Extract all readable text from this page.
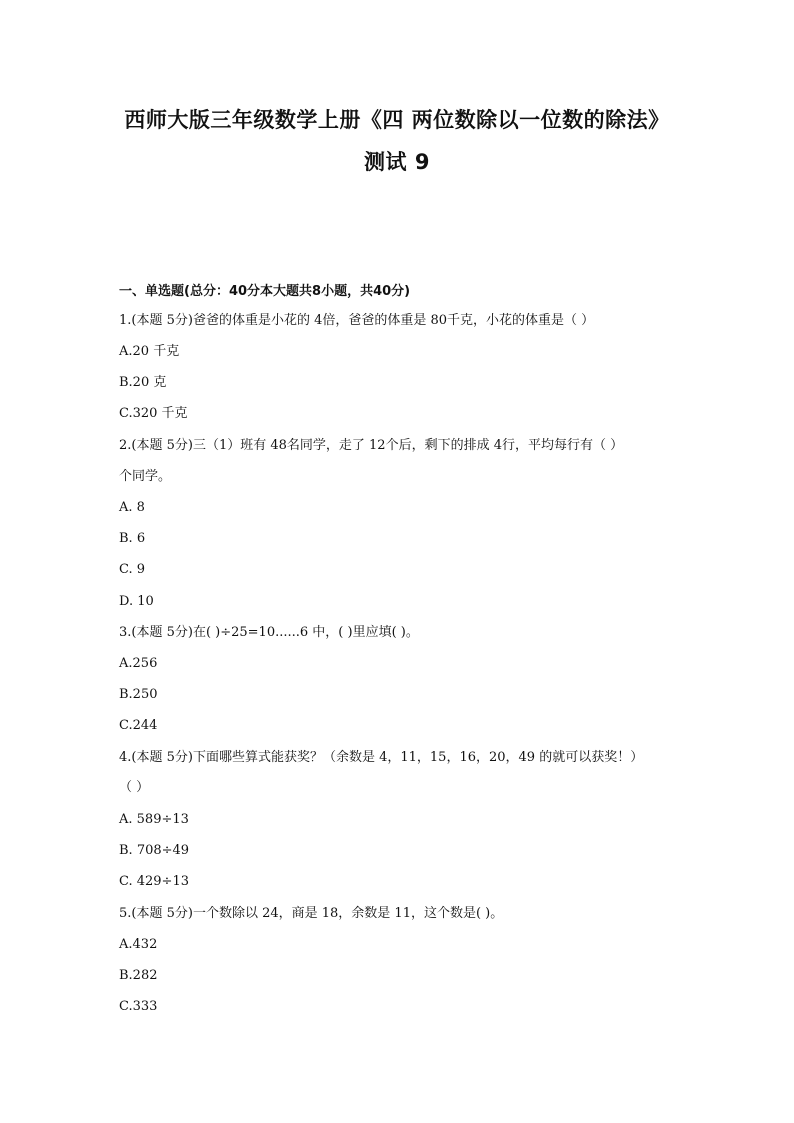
西师大版三年级数学上册《四 两位数除以一位数的除法》
测试 9
一、单选题(总分：40分本大题共8小题，共40分)
1.(本题 5分)爸爸的体重是小花的 4倍，爸爸的体重是 80千克，小花的体重是（ ）
A.20 千克
B.20 克
C.320 千克
2.(本题 5分)三（1）班有 48名同学，走了 12个后，剩下的排成 4行，平均每行有（ ）
个同学。
A. 8
B. 6
C. 9
D. 10
3.(本题 5分)在( )÷25=10......6 中，( )里应填( )。
A.256
B.250
C.244
4.(本题 5分)下面哪些算式能获奖？（余数是 4，11，15，16，20，49 的就可以获奖！）
（ ）
A. 589÷13
B. 708÷49
C. 429÷13
5.(本题 5分)一个数除以 24，商是 18，余数是 11，这个数是( )。
A.432
B.282
C.333
